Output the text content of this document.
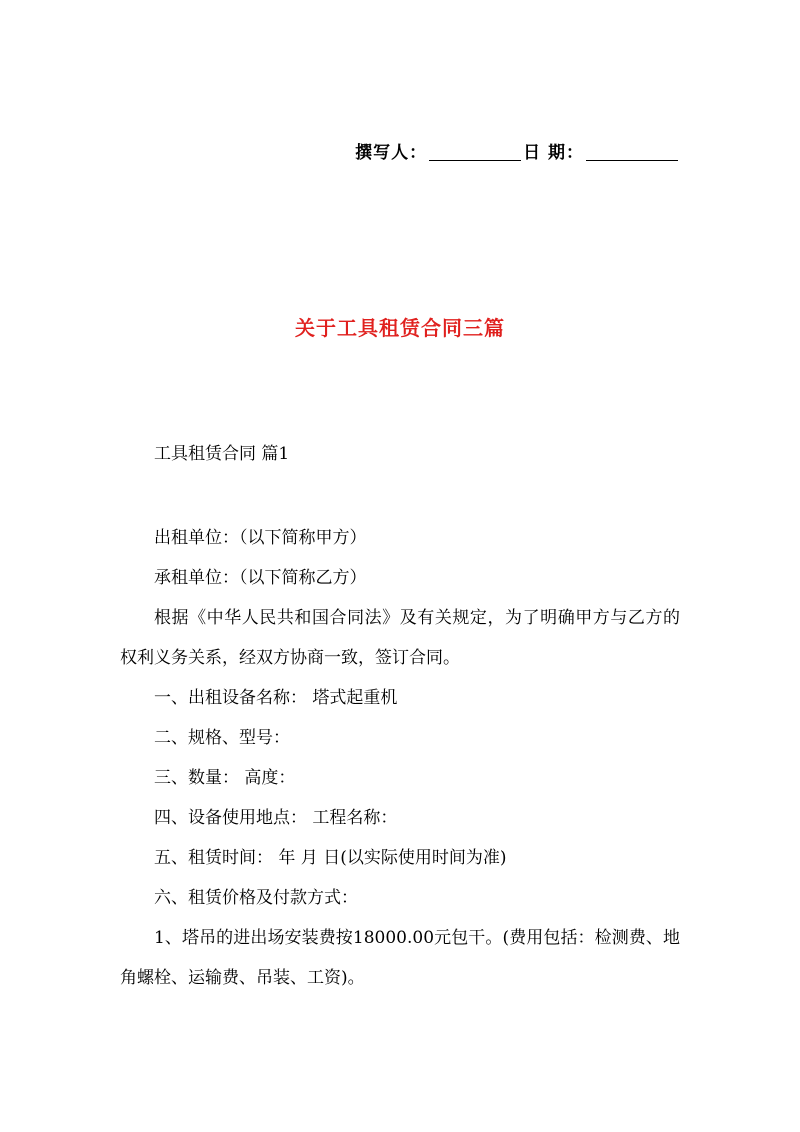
撰写人：	日 期：
关于工具租赁合同三篇

工具租赁合同 篇1

出租单位：（以下简称甲方）

承租单位：（以下简称乙方）

根据《中华人民共和国合同法》及有关规定，为了明确甲方与乙方的权利义务关系，经双方协商一致，签订合同。

一、出租设备名称： 塔式起重机

二、规格、型号：

三、数量： 高度：

四、设备使用地点： 工程名称：

五、租赁时间： 年 月 日(以实际使用时间为准)

六、租赁价格及付款方式：

1、塔吊的进出场安装费按18000.00元包干。(费用包括：检测费、地角螺栓、运输费、吊装、工资)。
